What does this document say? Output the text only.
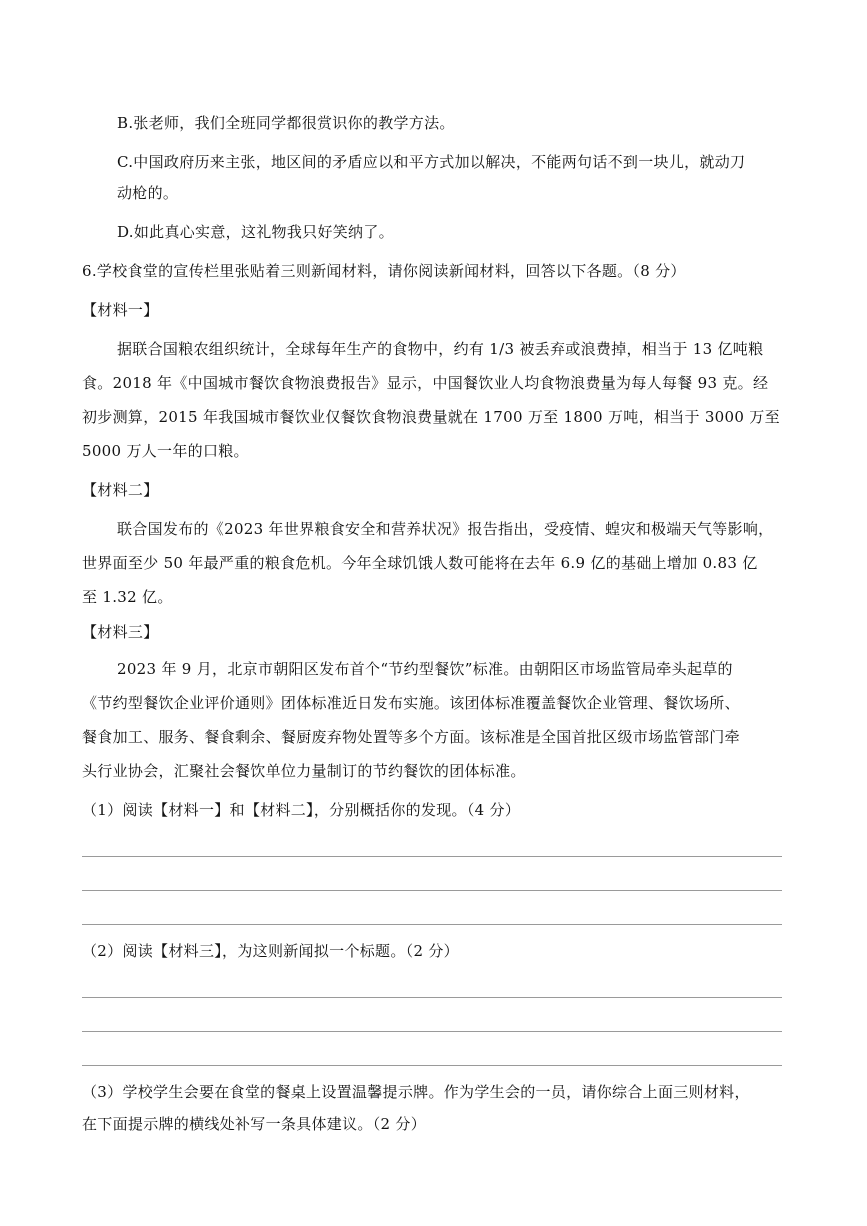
B.张老师，我们全班同学都很赏识你的教学方法。
C.中国政府历来主张，地区间的矛盾应以和平方式加以解决，不能两句话不到一块儿，就动刀
动枪的。
D.如此真心实意，这礼物我只好笑纳了。
6.学校食堂的宣传栏里张贴着三则新闻材料，请你阅读新闻材料，回答以下各题。（8 分）
【材料一】
据联合国粮农组织统计，全球每年生产的食物中，约有 1/3 被丢弃或浪费掉，相当于 13 亿吨粮
食。2018 年《中国城市餐饮食物浪费报告》显示，中国餐饮业人均食物浪费量为每人每餐 93 克。经
初步测算，2015 年我国城市餐饮业仅餐饮食物浪费量就在 1700 万至 1800 万吨，相当于 3000 万至
5000 万人一年的口粮。
【材料二】
联合国发布的《2023 年世界粮食安全和营养状况》报告指出，受疫情、蝗灾和极端天气等影响，
世界面至少 50 年最严重的粮食危机。今年全球饥饿人数可能将在去年 6.9 亿的基础上增加 0.83 亿
至 1.32 亿。
【材料三】
2023 年 9 月，北京市朝阳区发布首个“节约型餐饮”标准。由朝阳区市场监管局牵头起草的
《节约型餐饮企业评价通则》团体标准近日发布实施。该团体标准覆盖餐饮企业管理、餐饮场所、
餐食加工、服务、餐食剩余、餐厨废弃物处置等多个方面。该标准是全国首批区级市场监管部门牵
头行业协会，汇聚社会餐饮单位力量制订的节约餐饮的团体标准。
（1）阅读【材料一】和【材料二】，分别概括你的发现。（4 分）
（2）阅读【材料三】，为这则新闻拟一个标题。（2 分）
（3）学校学生会要在食堂的餐桌上设置温馨提示牌。作为学生会的一员，请你综合上面三则材料，
在下面提示牌的横线处补写一条具体建议。（2 分）
